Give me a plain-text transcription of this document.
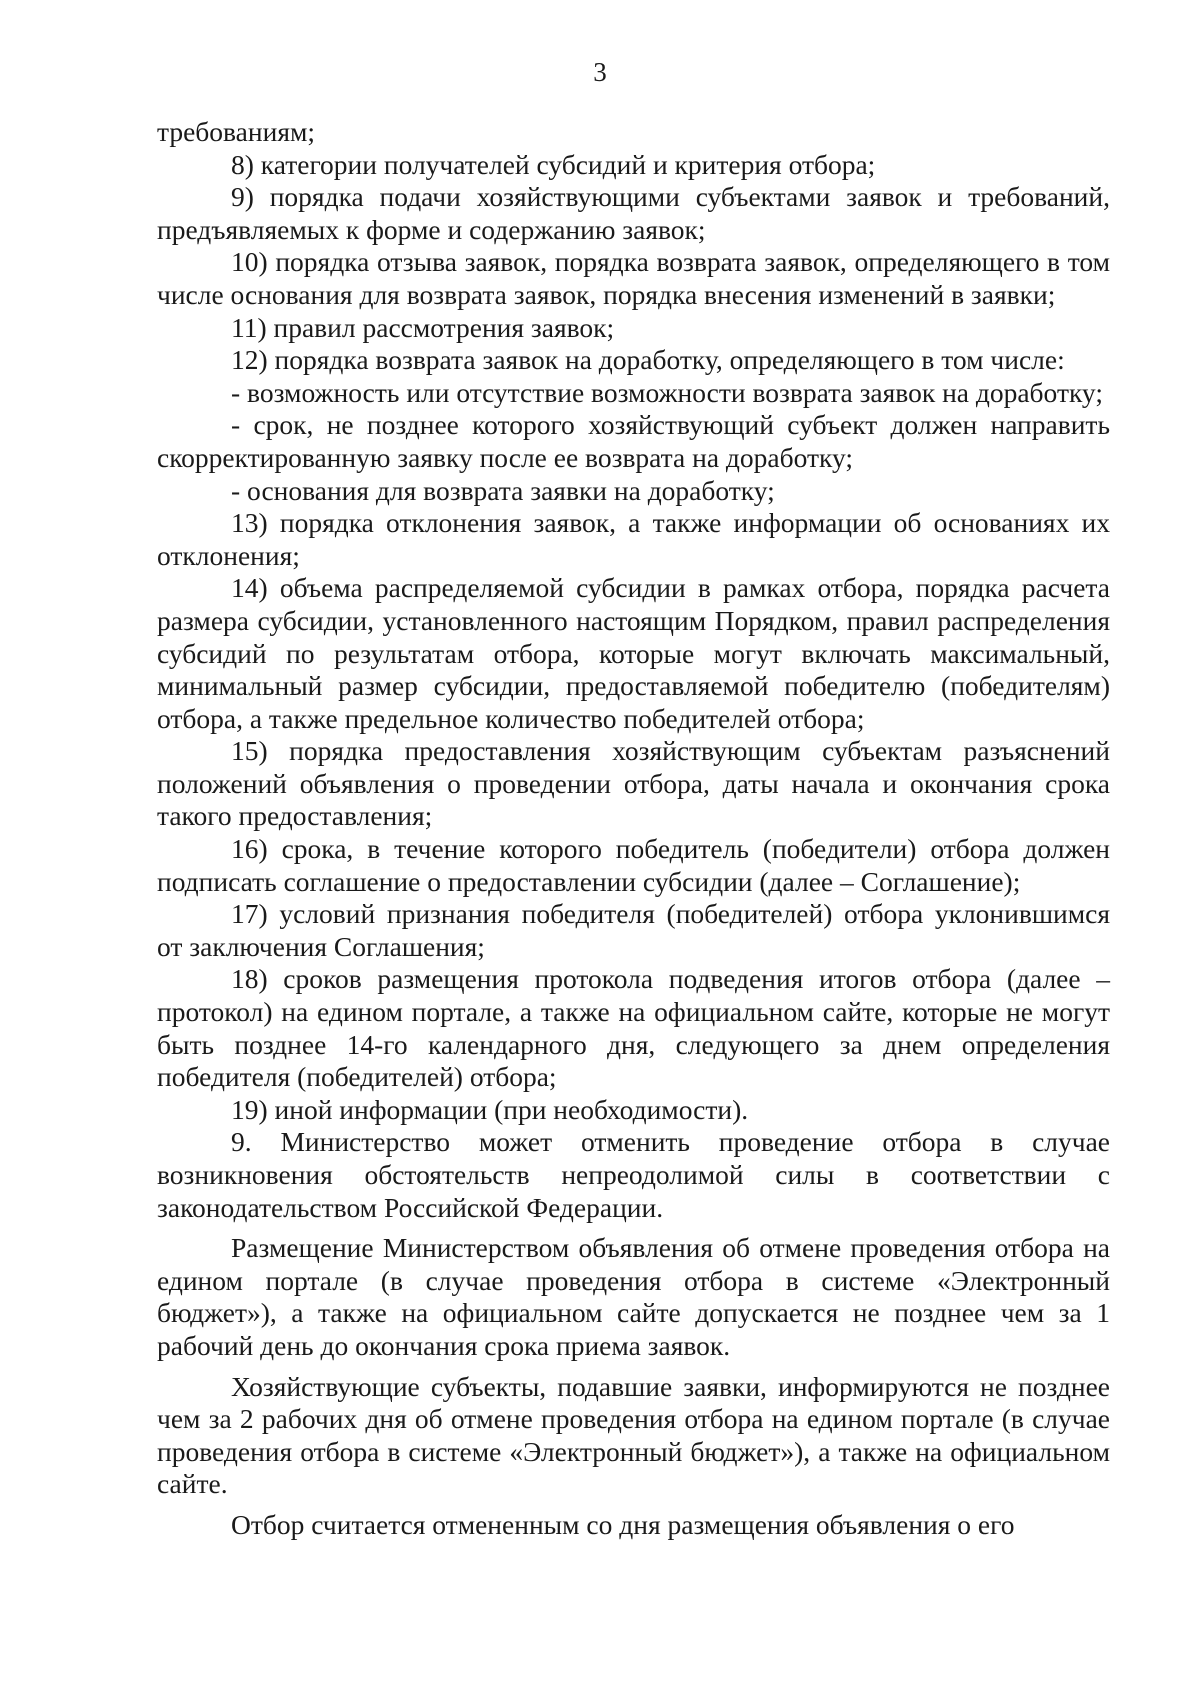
3

требованиям;

8) категории получателей субсидий и критерия отбора;

9) порядка подачи хозяйствующими субъектами заявок и требований, предъявляемых к форме и содержанию заявок;

10) порядка отзыва заявок, порядка возврата заявок, определяющего в том числе основания для возврата заявок, порядка внесения изменений в заявки;

11) правил рассмотрения заявок;

12) порядка возврата заявок на доработку, определяющего в том числе:

- возможность или отсутствие возможности возврата заявок на доработку;

- срок, не позднее которого хозяйствующий субъект должен направить скорректированную заявку после ее возврата на доработку;

- основания для возврата заявки на доработку;

13) порядка отклонения заявок, а также информации об основаниях их отклонения;

14) объема распределяемой субсидии в рамках отбора, порядка расчета размера субсидии, установленного настоящим Порядком, правил распределения субсидий по результатам отбора, которые могут включать максимальный, минимальный размер субсидии, предоставляемой победителю (победителям) отбора, а также предельное количество победителей отбора;

15) порядка предоставления хозяйствующим субъектам разъяснений положений объявления о проведении отбора, даты начала и окончания срока такого предоставления;

16) срока, в течение которого победитель (победители) отбора должен подписать соглашение о предоставлении субсидии (далее – Соглашение);

17) условий признания победителя (победителей) отбора уклонившимся от заключения Соглашения;

18) сроков размещения протокола подведения итогов отбора (далее – протокол) на едином портале, а также на официальном сайте, которые не могут быть позднее 14-го календарного дня, следующего за днем определения победителя (победителей) отбора;

19) иной информации (при необходимости).

9. Министерство может отменить проведение отбора в случае возникновения обстоятельств непреодолимой силы в соответствии с законодательством Российской Федерации.

Размещение Министерством объявления об отмене проведения отбора на едином портале (в случае проведения отбора в системе «Электронный бюджет»), а также на официальном сайте допускается не позднее чем за 1 рабочий день до окончания срока приема заявок.

Хозяйствующие субъекты, подавшие заявки, информируются не позднее чем за 2 рабочих дня об отмене проведения отбора на едином портале (в случае проведения отбора в системе «Электронный бюджет»), а также на официальном сайте.

Отбор считается отмененным со дня размещения объявления о его
